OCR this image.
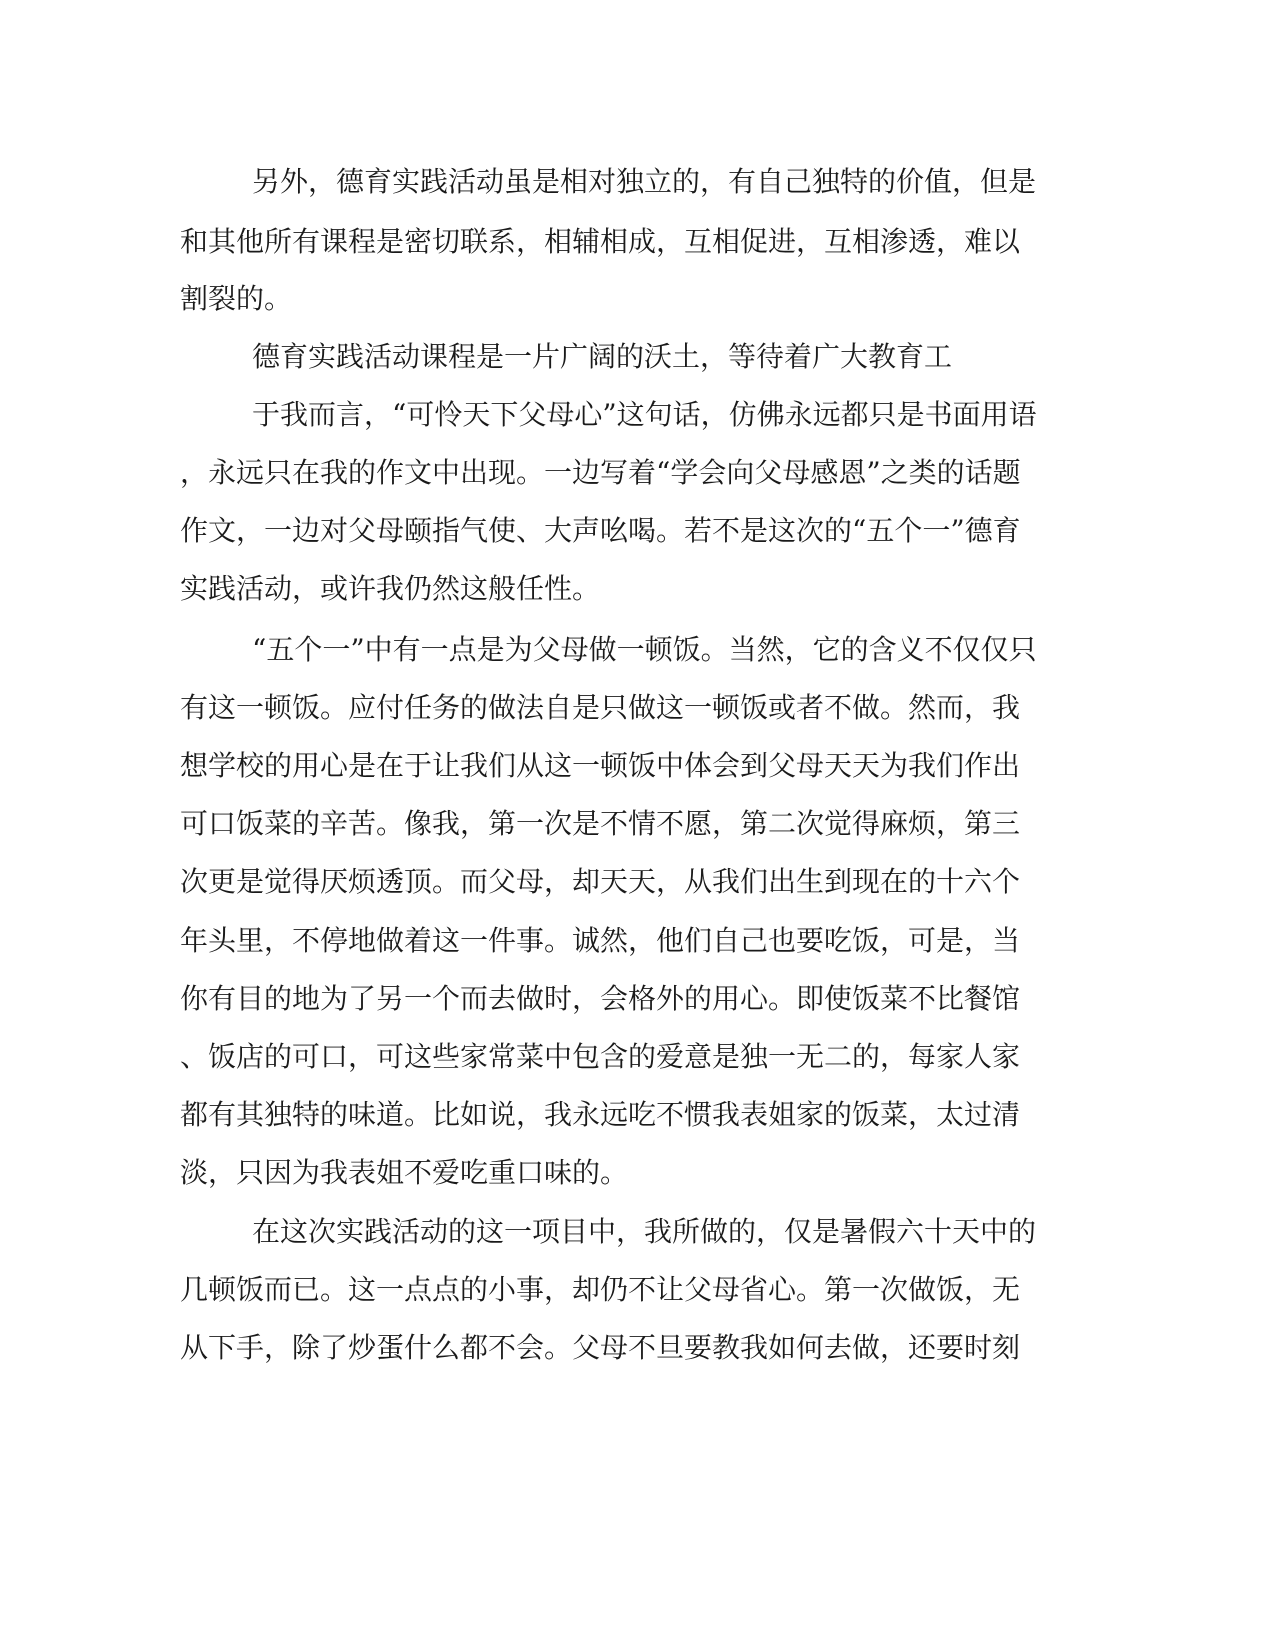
另外，德育实践活动虽是相对独立的，有自己独特的价值，但是
和其他所有课程是密切联系，相辅相成，互相促进，互相渗透，难以
割裂的。
德育实践活动课程是一片广阔的沃土，等待着广大教育工
于我而言，“可怜天下父母心”这句话，仿佛永远都只是书面用语
，永远只在我的作文中出现。一边写着“学会向父母感恩”之类的话题
作文，一边对父母颐指气使、大声吆喝。若不是这次的“五个一”德育
实践活动，或许我仍然这般任性。
“五个一”中有一点是为父母做一顿饭。当然，它的含义不仅仅只
有这一顿饭。应付任务的做法自是只做这一顿饭或者不做。然而，我
想学校的用心是在于让我们从这一顿饭中体会到父母天天为我们作出
可口饭菜的辛苦。像我，第一次是不情不愿，第二次觉得麻烦，第三
次更是觉得厌烦透顶。而父母，却天天，从我们出生到现在的十六个
年头里，不停地做着这一件事。诚然，他们自己也要吃饭，可是，当
你有目的地为了另一个而去做时，会格外的用心。即使饭菜不比餐馆
、饭店的可口，可这些家常菜中包含的爱意是独一无二的，每家人家
都有其独特的味道。比如说，我永远吃不惯我表姐家的饭菜，太过清
淡，只因为我表姐不爱吃重口味的。
在这次实践活动的这一项目中，我所做的，仅是暑假六十天中的
几顿饭而已。这一点点的小事，却仍不让父母省心。第一次做饭，无
从下手，除了炒蛋什么都不会。父母不旦要教我如何去做，还要时刻
